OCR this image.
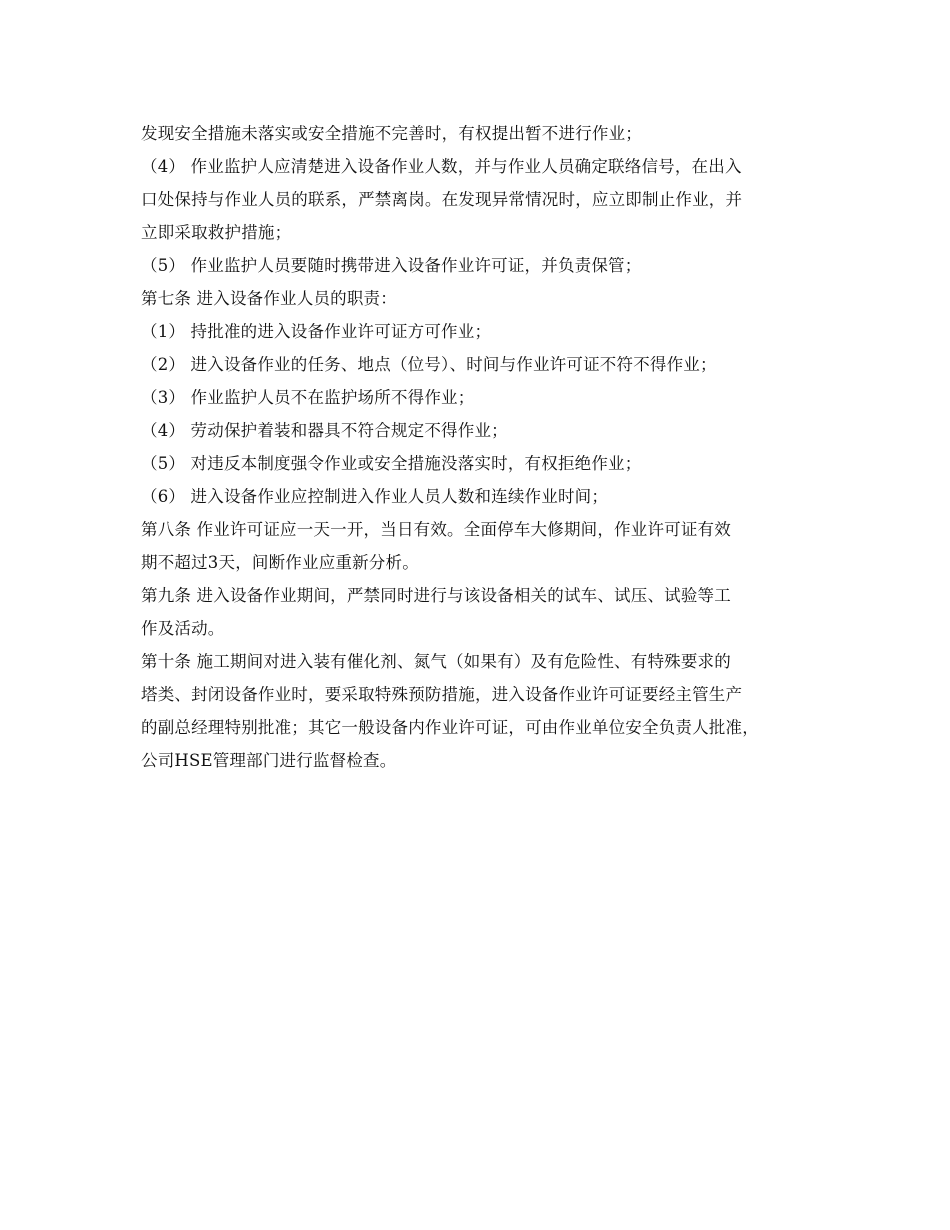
发现安全措施未落实或安全措施不完善时，有权提出暂不进行作业；
（4） 作业监护人应清楚进入设备作业人数，并与作业人员确定联络信号，在出入
口处保持与作业人员的联系，严禁离岗。在发现异常情况时，应立即制止作业，并
立即采取救护措施；
（5） 作业监护人员要随时携带进入设备作业许可证，并负责保管；
第七条 进入设备作业人员的职责：
（1） 持批准的进入设备作业许可证方可作业；
（2） 进入设备作业的任务、地点（位号）、时间与作业许可证不符不得作业；
（3） 作业监护人员不在监护场所不得作业；
（4） 劳动保护着装和器具不符合规定不得作业；
（5） 对违反本制度强令作业或安全措施没落实时，有权拒绝作业；
（6） 进入设备作业应控制进入作业人员人数和连续作业时间；
第八条 作业许可证应一天一开，当日有效。全面停车大修期间，作业许可证有效
期不超过3天，间断作业应重新分析。
第九条 进入设备作业期间，严禁同时进行与该设备相关的试车、试压、试验等工
作及活动。
第十条 施工期间对进入装有催化剂、氮气（如果有）及有危险性、有特殊要求的
塔类、封闭设备作业时，要采取特殊预防措施，进入设备作业许可证要经主管生产
的副总经理特别批准；其它一般设备内作业许可证，可由作业单位安全负责人批准，
公司HSE管理部门进行监督检查。
